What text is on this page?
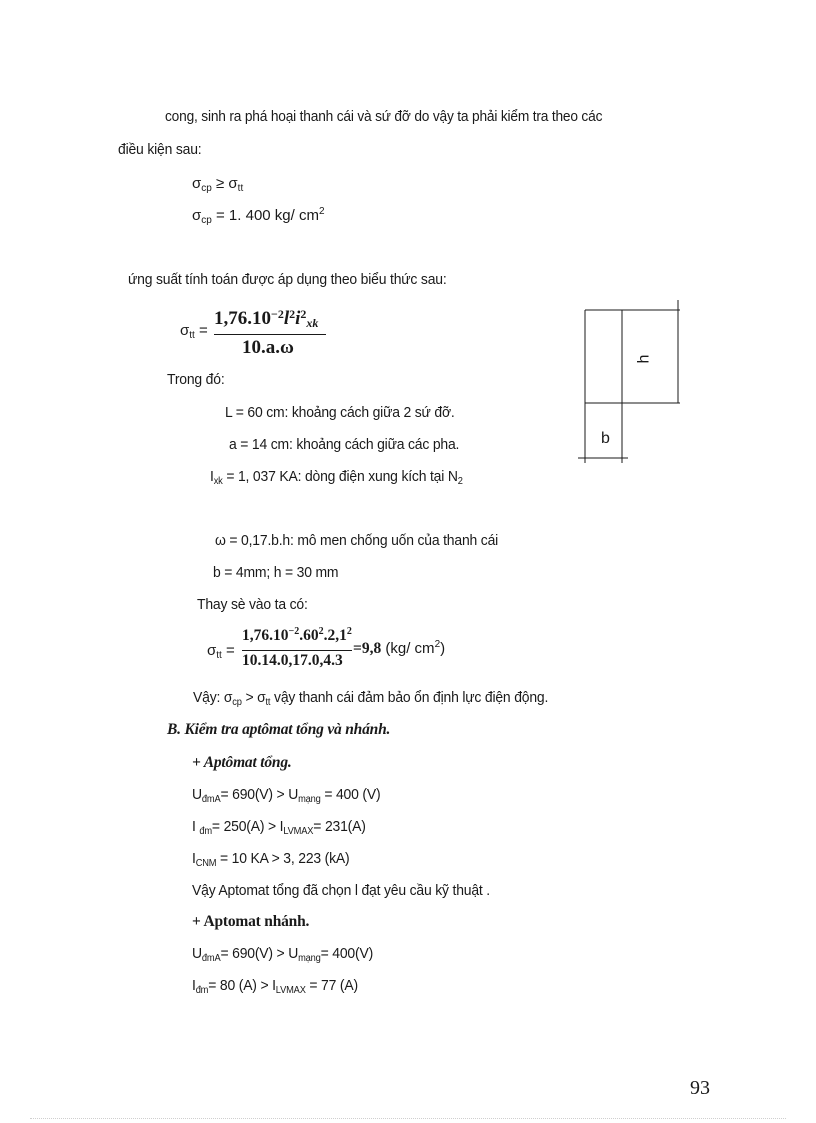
cong, sinh ra phá hoại thanh cái và sứ đỡ do vậy ta phải kiểm tra theo các
điều kiện sau:
$\sigma_{cp} \ge \sigma_{tt}$
$\sigma_{cp} = 1$. 400 kg/ $cm^2$
ứng suất tính toán được áp dụng theo biểu thức sau:
$\sigma_{tt}$ =
$1,76.10^{-2}l^2i^2_{xk}$
10.a.ω
h
b
Trong đó:
L = 60 cm: khoảng cách giữa 2 sứ đỡ.
a = 14 cm: khoảng cách giữa các pha.
$I_{xk} = 1$, 037 KA: dòng điện xung kích tại $N_2$
ω = 0,17.b.h: mô men chống uốn của thanh cái
b = 4mm; h = 30 mm
Thay sè vào ta có:
$\sigma_{tt}$ =
$1,76.10^{-2}.60^2.2,1^2$
10.14.0,17.0,4.3
=9,8 (kg/ $cm^2$)
Vậy: $\sigma_{cp} > \sigma_{tt}$ vậy thanh cái đảm bảo ổn định lực điện động.
B. Kiểm tra aptômat tổng và nhánh.
+ Aptômat tổng.
$U_{đmA}= 690(V) > U_{mạng} = 400$ (V)
I $_{đm}= 250(A) > I_{LVMAX}= 231(A)$
$I_{CNM} = 10$ KA > 3, 223 (kA)
Vậy Aptomat tổng đã chọn l đạt yêu cầu kỹ thuật .
+ Aptomat nhánh.
$U_{đmA}= 690(V) > U_{mạng}= 400(V)$
$I_{đm}= 80$ $(A) > I_{LVMAX} = 77$ (A)
93
